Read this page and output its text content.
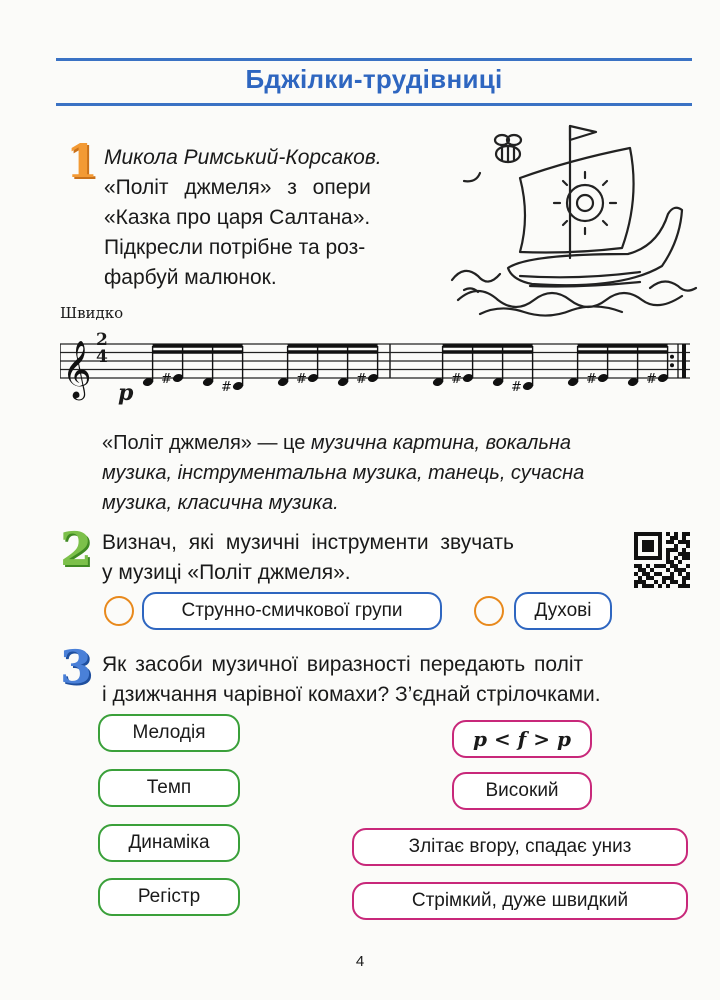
Бджілки-трудівниці
1 Микола Римський-Корсаков.
«Політ джмеля» з опери
«Казка про царя Салтана».
Підкресли потрібне та роз-
фарбуй малюнок.
Швидко
𝄞	#
#
#	#	#
#
#	#
2
4
p
«Політ джмеля» — це музична картина, вокальна
музика, інструментальна музика, танець, сучасна
музика, класична музика.
2 Визнач, які музичні інструменти звучать
у музиці «Політ джмеля».
Струнно-смичкової групи	Духові
3 Як засоби музичної виразності передають політ
і дзижчання чарівної комахи? З’єднай стрілочками.
Мелодія
Темп
Динаміка
Регістр
p < f > p
Високий
Злітає вгору, спадає униз
Стрімкий, дуже швидкий
4
